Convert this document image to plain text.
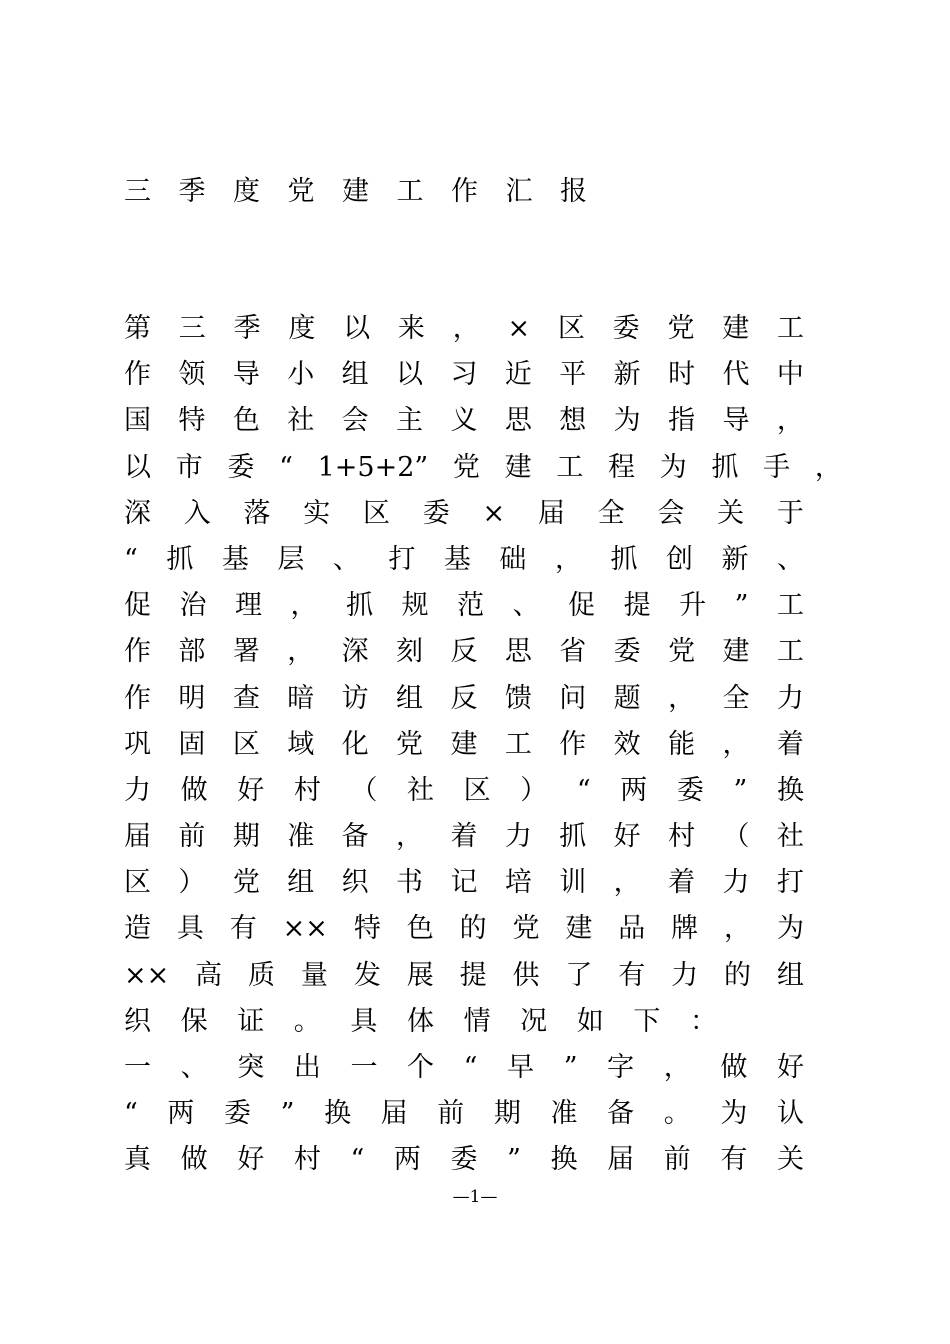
三 季 度 党 建 工 作 汇 报
第 三 季 度 以 来 ， × 区 委 党 建 工
作 领 导 小 组 以 习 近 平 新 时 代 中
国 特 色 社 会 主 义 思 想 为 指 导 ，
以 市 委 “ 1+5+2” 党 建 工 程 为 抓 手 ，
深 入 落 实 区 委 × 届 全 会 关 于
“ 抓 基 层 、 打 基 础 ， 抓 创 新 、
促 治 理 ， 抓 规 范 、 促 提 升 ” 工
作 部 署 ， 深 刻 反 思 省 委 党 建 工
作 明 查 暗 访 组 反 馈 问 题 ， 全 力
巩 固 区 域 化 党 建 工 作 效 能 ， 着
力 做 好 村 （ 社 区 ） “ 两 委 ” 换
届 前 期 准 备 ， 着 力 抓 好 村 （ 社
区 ） 党 组 织 书 记 培 训 ， 着 力 打
造 具 有 ×× 特 色 的 党 建 品 牌 ， 为
×× 高 质 量 发 展 提 供 了 有 力 的 组
织 保 证 。 具 体 情 况 如 下 ：
一 、 突 出 一 个 “ 早 ” 字 ， 做 好
“ 两 委 ” 换 届 前 期 准 备 。 为 认
真 做 好 村 “ 两 委 ” 换 届 前 有 关
—1—
